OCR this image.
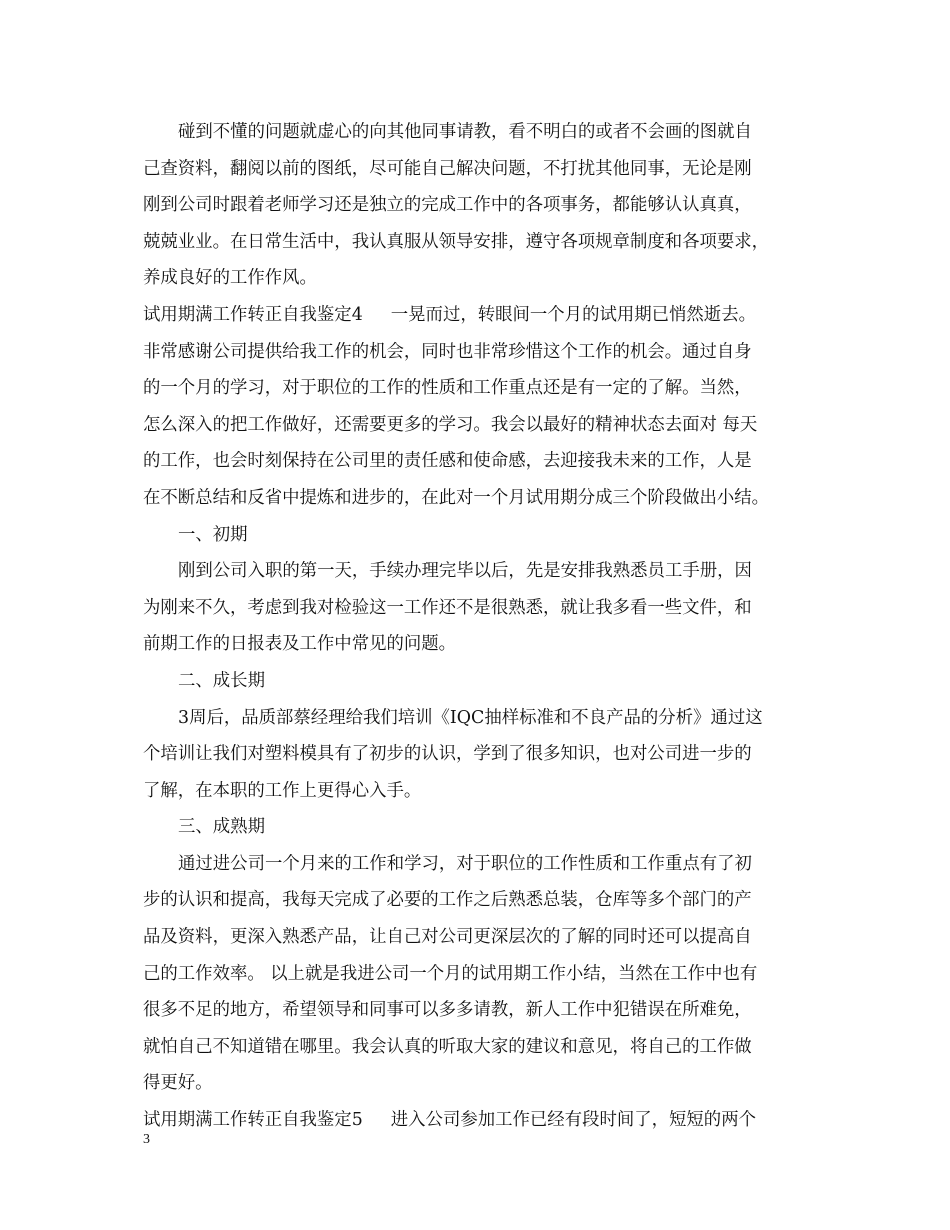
碰到不懂的问题就虚心的向其他同事请教，看不明白的或者不会画的图就自
己查资料，翻阅以前的图纸，尽可能自己解决问题，不打扰其他同事，无论是刚
刚到公司时跟着老师学习还是独立的完成工作中的各项事务，都能够认认真真，
兢兢业业。在日常生活中，我认真服从领导安排，遵守各项规章制度和各项要求，
养成良好的工作作风。
试用期满工作转正自我鉴定4 一晃而过，转眼间一个月的试用期已悄然逝去。
非常感谢公司提供给我工作的机会，同时也非常珍惜这个工作的机会。通过自身
的一个月的学习，对于职位的工作的性质和工作重点还是有一定的了解。当然，
怎么深入的把工作做好，还需要更多的学习。我会以最好的精神状态去面对 每天
的工作，也会时刻保持在公司里的责任感和使命感，去迎接我未来的工作，人是
在不断总结和反省中提炼和进步的，在此对一个月试用期分成三个阶段做出小结。
一、初期
刚到公司入职的第一天，手续办理完毕以后，先是安排我熟悉员工手册，因
为刚来不久，考虑到我对检验这一工作还不是很熟悉，就让我多看一些文件，和
前期工作的日报表及工作中常见的问题。
二、成长期
3周后，品质部蔡经理给我们培训《IQC抽样标准和不良产品的分析》通过这
个培训让我们对塑料模具有了初步的认识，学到了很多知识，也对公司进一步的
了解，在本职的工作上更得心入手。
三、成熟期
通过进公司一个月来的工作和学习，对于职位的工作性质和工作重点有了初
步的认识和提高，我每天完成了必要的工作之后熟悉总装，仓库等多个部门的产
品及资料，更深入熟悉产品，让自己对公司更深层次的了解的同时还可以提高自
己的工作效率。 以上就是我进公司一个月的试用期工作小结，当然在工作中也有
很多不足的地方，希望领导和同事可以多多请教，新人工作中犯错误在所难免，
就怕自己不知道错在哪里。我会认真的听取大家的建议和意见，将自己的工作做
得更好。
试用期满工作转正自我鉴定5 进入公司参加工作已经有段时间了，短短的两个
3
